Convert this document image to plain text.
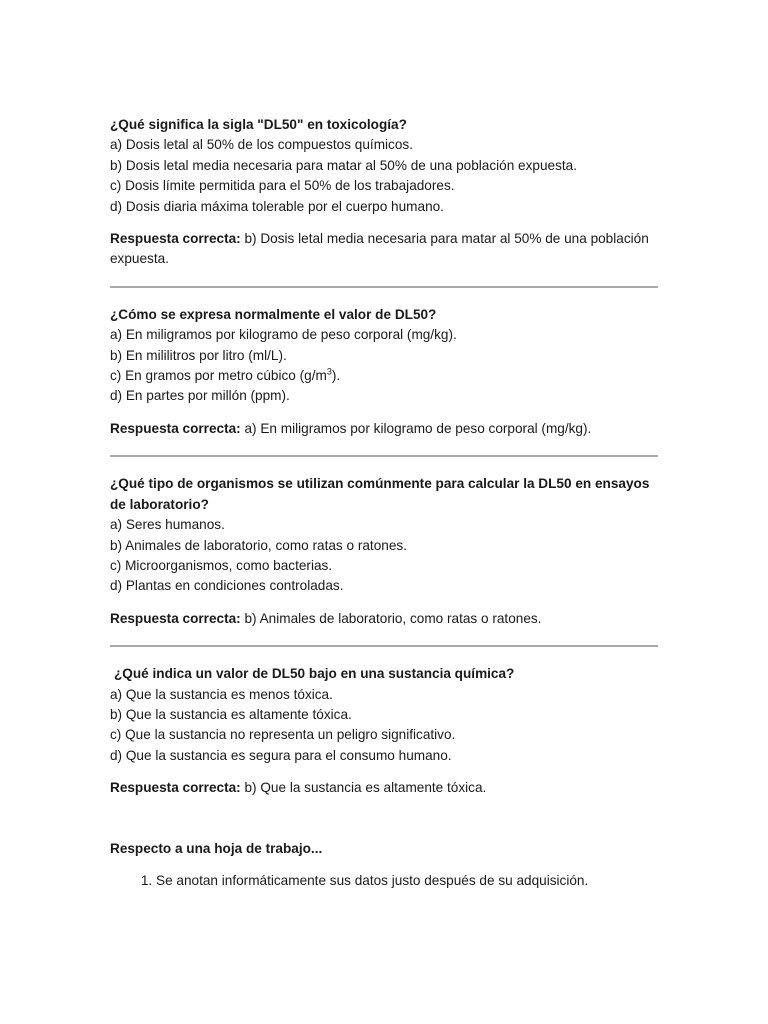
¿Qué significa la sigla "DL50" en toxicología?
a) Dosis letal al 50% de los compuestos químicos.
b) Dosis letal media necesaria para matar al 50% de una población expuesta.
c) Dosis límite permitida para el 50% de los trabajadores.
d) Dosis diaria máxima tolerable por el cuerpo humano.
Respuesta correcta: b) Dosis letal media necesaria para matar al 50% de una población expuesta.
¿Cómo se expresa normalmente el valor de DL50?
a) En miligramos por kilogramo de peso corporal (mg/kg).
b) En mililitros por litro (ml/L).
c) En gramos por metro cúbico $(g/m^3)$.
d) En partes por millón (ppm).
Respuesta correcta: a) En miligramos por kilogramo de peso corporal (mg/kg).
¿Qué tipo de organismos se utilizan comúnmente para calcular la DL50 en ensayos de laboratorio?
a) Seres humanos.
b) Animales de laboratorio, como ratas o ratones.
c) Microorganismos, como bacterias.
d) Plantas en condiciones controladas.
Respuesta correcta: b) Animales de laboratorio, como ratas o ratones.
¿Qué indica un valor de DL50 bajo en una sustancia química?
a) Que la sustancia es menos tóxica.
b) Que la sustancia es altamente tóxica.
c) Que la sustancia no representa un peligro significativo.
d) Que la sustancia es segura para el consumo humano.
Respuesta correcta: b) Que la sustancia es altamente tóxica.
Respecto a una hoja de trabajo...
1. Se anotan informáticamente sus datos justo después de su adquisición.
